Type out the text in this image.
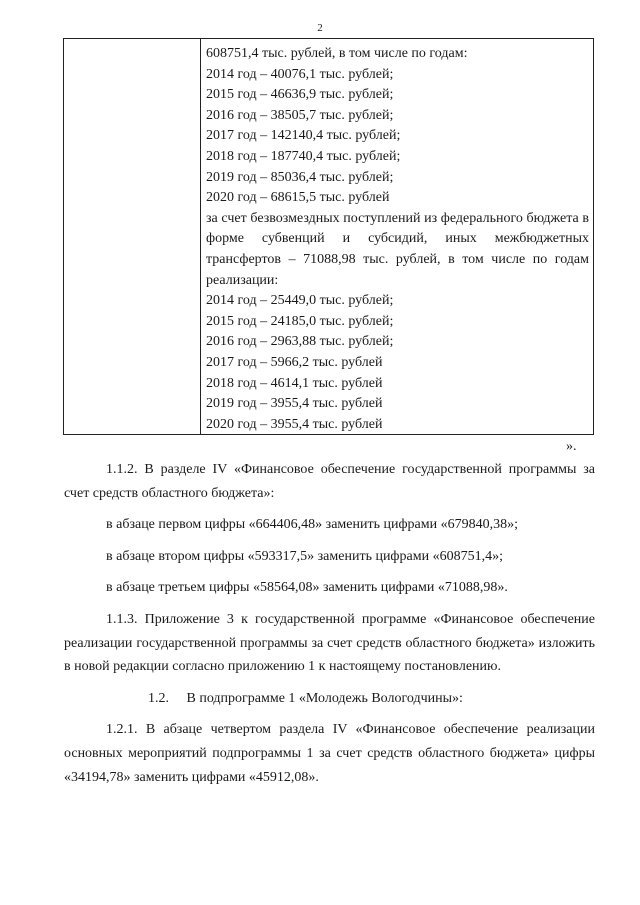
2
608751,4 тыс. рублей, в том числе по годам:
2014 год – 40076,1 тыс. рублей;
2015 год – 46636,9 тыс. рублей;
2016 год – 38505,7 тыс. рублей;
2017 год – 142140,4 тыс. рублей;
2018 год – 187740,4 тыс. рублей;
2019 год – 85036,4 тыс. рублей;
2020 год – 68615,5 тыс. рублей
за счет безвозмездных поступлений из федерального бюджета в форме субвенций и субсидий, иных межбюджетных трансфертов – 71088,98 тыс. рублей, в том числе по годам реализации:
2014 год – 25449,0 тыс. рублей;
2015 год – 24185,0 тыс. рублей;
2016 год – 2963,88 тыс. рублей;
2017 год – 5966,2 тыс. рублей
2018 год – 4614,1 тыс. рублей
2019 год – 3955,4 тыс. рублей
2020 год – 3955,4 тыс. рублей
».

1.1.2. В разделе IV «Финансовое обеспечение государственной программы за счет средств областного бюджета»:

в абзаце первом цифры «664406,48» заменить цифрами «679840,38»;

в абзаце втором цифры «593317,5» заменить цифрами «608751,4»;

в абзаце третьем цифры «58564,08» заменить цифрами «71088,98».

1.1.3. Приложение 3 к государственной программе «Финансовое обеспечение реализации государственной программы за счет средств областного бюджета» изложить в новой редакции согласно приложению 1 к настоящему постановлению.

1.2. В подпрограмме 1 «Молодежь Вологодчины»:

1.2.1. В абзаце четвертом раздела IV «Финансовое обеспечение реализации основных мероприятий подпрограммы 1 за счет средств областного бюджета» цифры «34194,78» заменить цифрами «45912,08».
